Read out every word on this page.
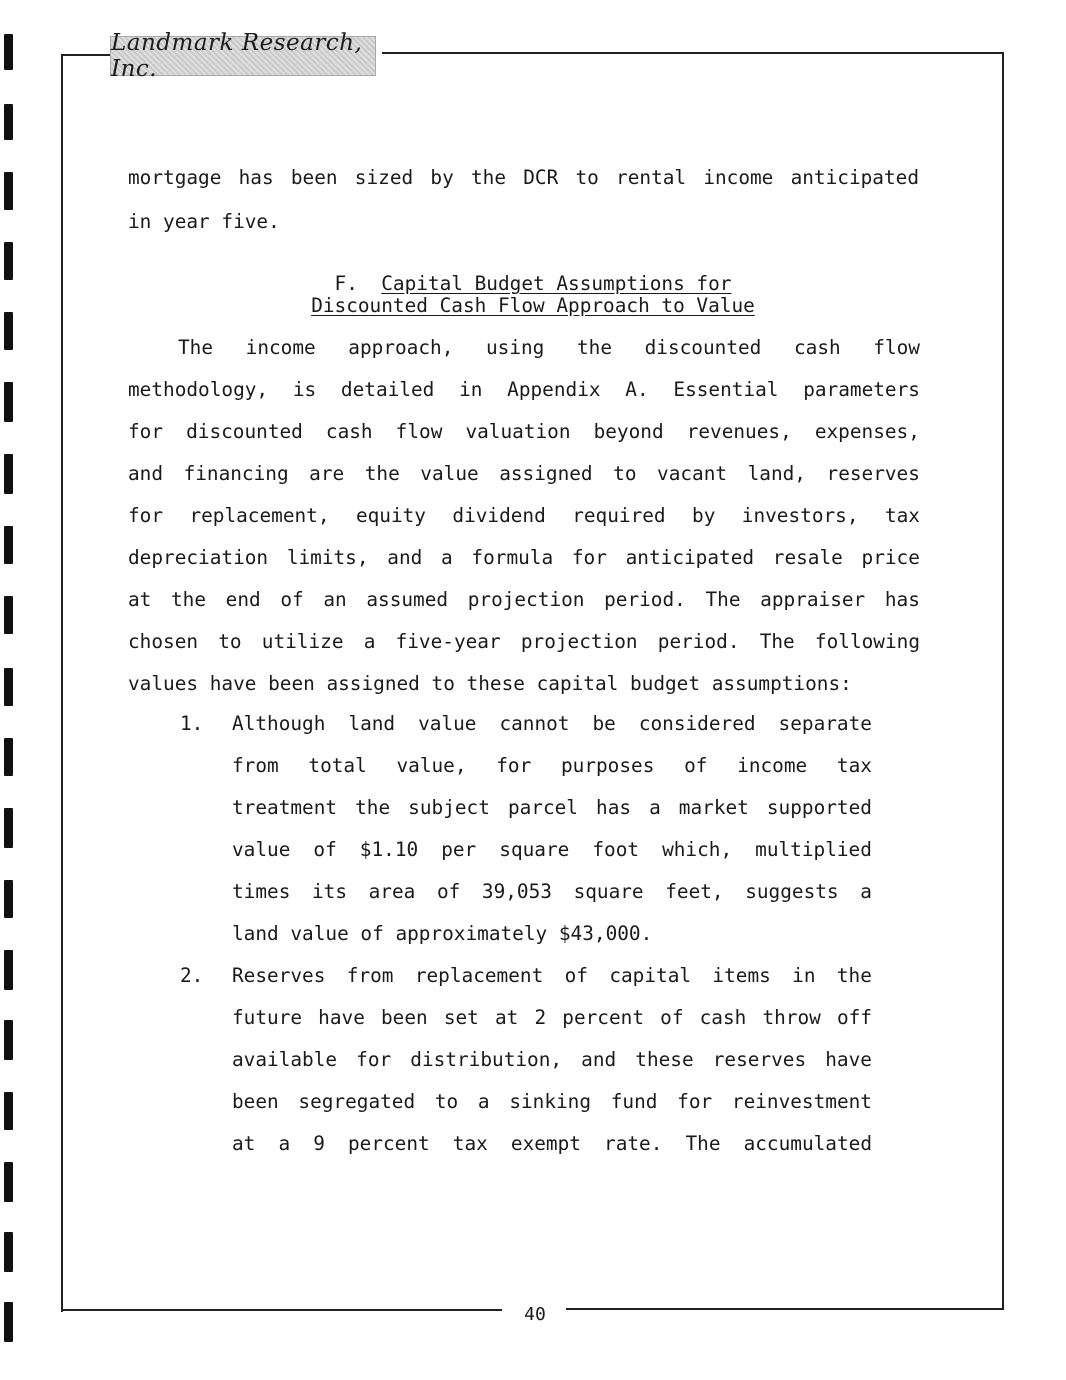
Landmark Research, Inc.
mortgage has been sized by the DCR to rental income anticipated
in year five.
F. Capital Budget Assumptions for
Discounted Cash Flow Approach to Value
The income approach, using the discounted cash flow
methodology, is detailed in Appendix A. Essential parameters
for discounted cash flow valuation beyond revenues, expenses,
and financing are the value assigned to vacant land, reserves
for replacement, equity dividend required by investors, tax
depreciation limits, and a formula for anticipated resale price
at the end of an assumed projection period. The appraiser has
chosen to utilize a five-year projection period. The following
values have been assigned to these capital budget assumptions:
1. Although land value cannot be considered separate
from total value, for purposes of income tax
treatment the subject parcel has a market supported
value of $1.10 per square foot which, multiplied
times its area of 39,053 square feet, suggests a
land value of approximately $43,000.
2. Reserves from replacement of capital items in the
future have been set at 2 percent of cash throw off
available for distribution, and these reserves have
been segregated to a sinking fund for reinvestment
at a 9 percent tax exempt rate. The accumulated
40
